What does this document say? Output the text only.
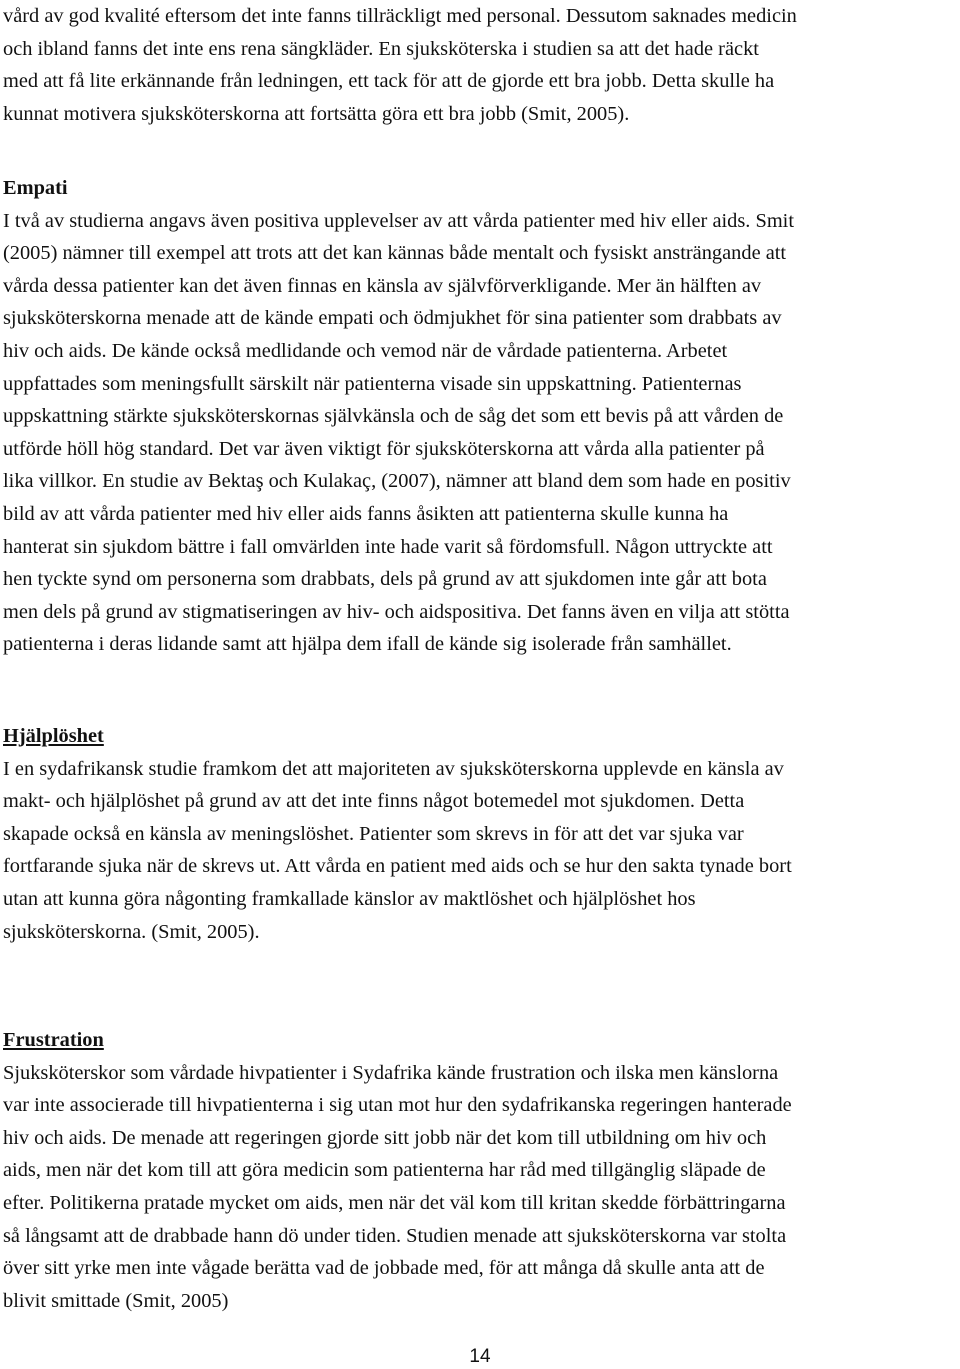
vård av god kvalité eftersom det inte fanns tillräckligt med personal. Dessutom saknades medicin
och ibland fanns det inte ens rena sängkläder. En sjuksköterska i studien sa att det hade räckt
med att få lite erkännande från ledningen, ett tack för att de gjorde ett bra jobb. Detta skulle ha
kunnat motivera sjuksköterskorna att fortsätta göra ett bra jobb (Smit, 2005).

Empati

I två av studierna angavs även positiva upplevelser av att vårda patienter med hiv eller aids. Smit
(2005) nämner till exempel att trots att det kan kännas både mentalt och fysiskt ansträngande att
vårda dessa patienter kan det även finnas en känsla av självförverkligande. Mer än hälften av
sjuksköterskorna menade att de kände empati och ödmjukhet för sina patienter som drabbats av
hiv och aids. De kände också medlidande och vemod när de vårdade patienterna. Arbetet
uppfattades som meningsfullt särskilt när patienterna visade sin uppskattning. Patienternas
uppskattning stärkte sjuksköterskornas självkänsla och de såg det som ett bevis på att vården de
utförde höll hög standard. Det var även viktigt för sjuksköterskorna att vårda alla patienter på
lika villkor. En studie av Bektaş och Kulakaç, (2007), nämner att bland dem som hade en positiv
bild av att vårda patienter med hiv eller aids fanns åsikten att patienterna skulle kunna ha
hanterat sin sjukdom bättre i fall omvärlden inte hade varit så fördomsfull. Någon uttryckte att
hen tyckte synd om personerna som drabbats, dels på grund av att sjukdomen inte går att bota
men dels på grund av stigmatiseringen av hiv- och aidspositiva. Det fanns även en vilja att stötta
patienterna i deras lidande samt att hjälpa dem ifall de kände sig isolerade från samhället.

Hjälplöshet

I en sydafrikansk studie framkom det att majoriteten av sjuksköterskorna upplevde en känsla av
makt- och hjälplöshet på grund av att det inte finns något botemedel mot sjukdomen. Detta
skapade också en känsla av meningslöshet. Patienter som skrevs in för att det var sjuka var
fortfarande sjuka när de skrevs ut. Att vårda en patient med aids och se hur den sakta tynade bort
utan att kunna göra någonting framkallade känslor av maktlöshet och hjälplöshet hos
sjuksköterskorna. (Smit, 2005).

Frustration

Sjuksköterskor som vårdade hivpatienter i Sydafrika kände frustration och ilska men känslorna
var inte associerade till hivpatienterna i sig utan mot hur den sydafrikanska regeringen hanterade
hiv och aids. De menade att regeringen gjorde sitt jobb när det kom till utbildning om hiv och
aids, men när det kom till att göra medicin som patienterna har råd med tillgänglig släpade de
efter. Politikerna pratade mycket om aids, men när det väl kom till kritan skedde förbättringarna
så långsamt att de drabbade hann dö under tiden. Studien menade att sjuksköterskorna var stolta
över sitt yrke men inte vågade berätta vad de jobbade med, för att många då skulle anta att de
blivit smittade (Smit, 2005)

14
